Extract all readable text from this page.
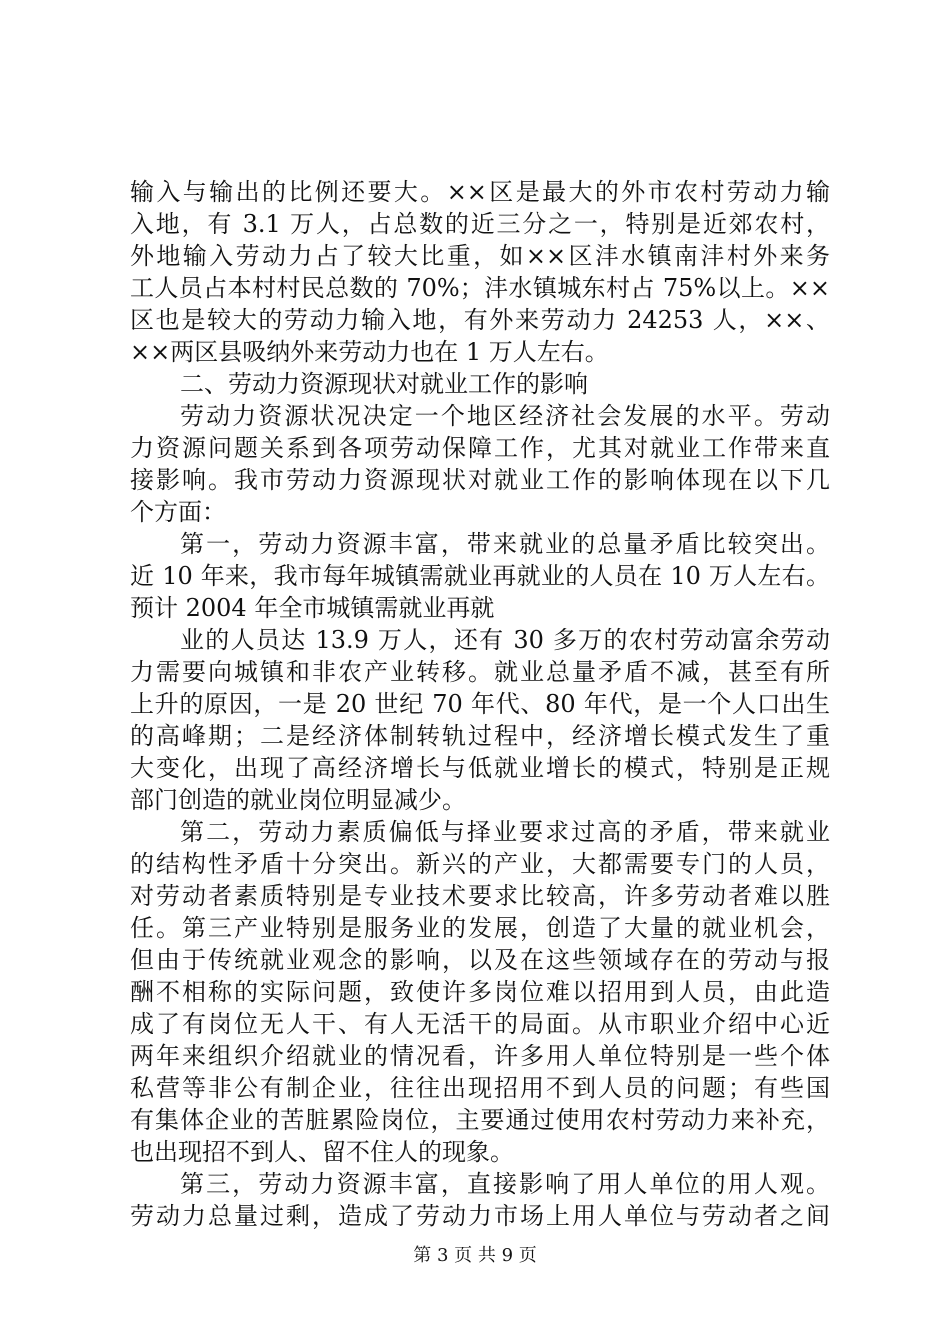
输入与输出的比例还要大。××区是最大的外市农村劳动力输
入地，有 3.1 万人，占总数的近三分之一，特别是近郊农村，
外地输入劳动力占了较大比重，如××区沣水镇南沣村外来务
工人员占本村村民总数的 70%；沣水镇城东村占 75%以上。××
区也是较大的劳动力输入地，有外来劳动力 24253 人，××、
××两区县吸纳外来劳动力也在 1 万人左右。
二、劳动力资源现状对就业工作的影响
劳动力资源状况决定一个地区经济社会发展的水平。劳动
力资源问题关系到各项劳动保障工作，尤其对就业工作带来直
接影响。我市劳动力资源现状对就业工作的影响体现在以下几
个方面：
第一，劳动力资源丰富，带来就业的总量矛盾比较突出。
近 10 年来，我市每年城镇需就业再就业的人员在 10 万人左右。
预计 2004 年全市城镇需就业再就
业的人员达 13.9 万人，还有 30 多万的农村劳动富余劳动
力需要向城镇和非农产业转移。就业总量矛盾不减，甚至有所
上升的原因，一是 20 世纪 70 年代、80 年代，是一个人口出生
的高峰期；二是经济体制转轨过程中，经济增长模式发生了重
大变化，出现了高经济增长与低就业增长的模式，特别是正规
部门创造的就业岗位明显减少。
第二，劳动力素质偏低与择业要求过高的矛盾，带来就业
的结构性矛盾十分突出。新兴的产业，大都需要专门的人员，
对劳动者素质特别是专业技术要求比较高，许多劳动者难以胜
任。第三产业特别是服务业的发展，创造了大量的就业机会，
但由于传统就业观念的影响，以及在这些领域存在的劳动与报
酬不相称的实际问题，致使许多岗位难以招用到人员，由此造
成了有岗位无人干、有人无活干的局面。从市职业介绍中心近
两年来组织介绍就业的情况看，许多用人单位特别是一些个体
私营等非公有制企业，往往出现招用不到人员的问题；有些国
有集体企业的苦脏累险岗位，主要通过使用农村劳动力来补充，
也出现招不到人、留不住人的现象。
第三，劳动力资源丰富，直接影响了用人单位的用人观。
劳动力总量过剩，造成了劳动力市场上用人单位与劳动者之间
第 3 页 共 9 页
